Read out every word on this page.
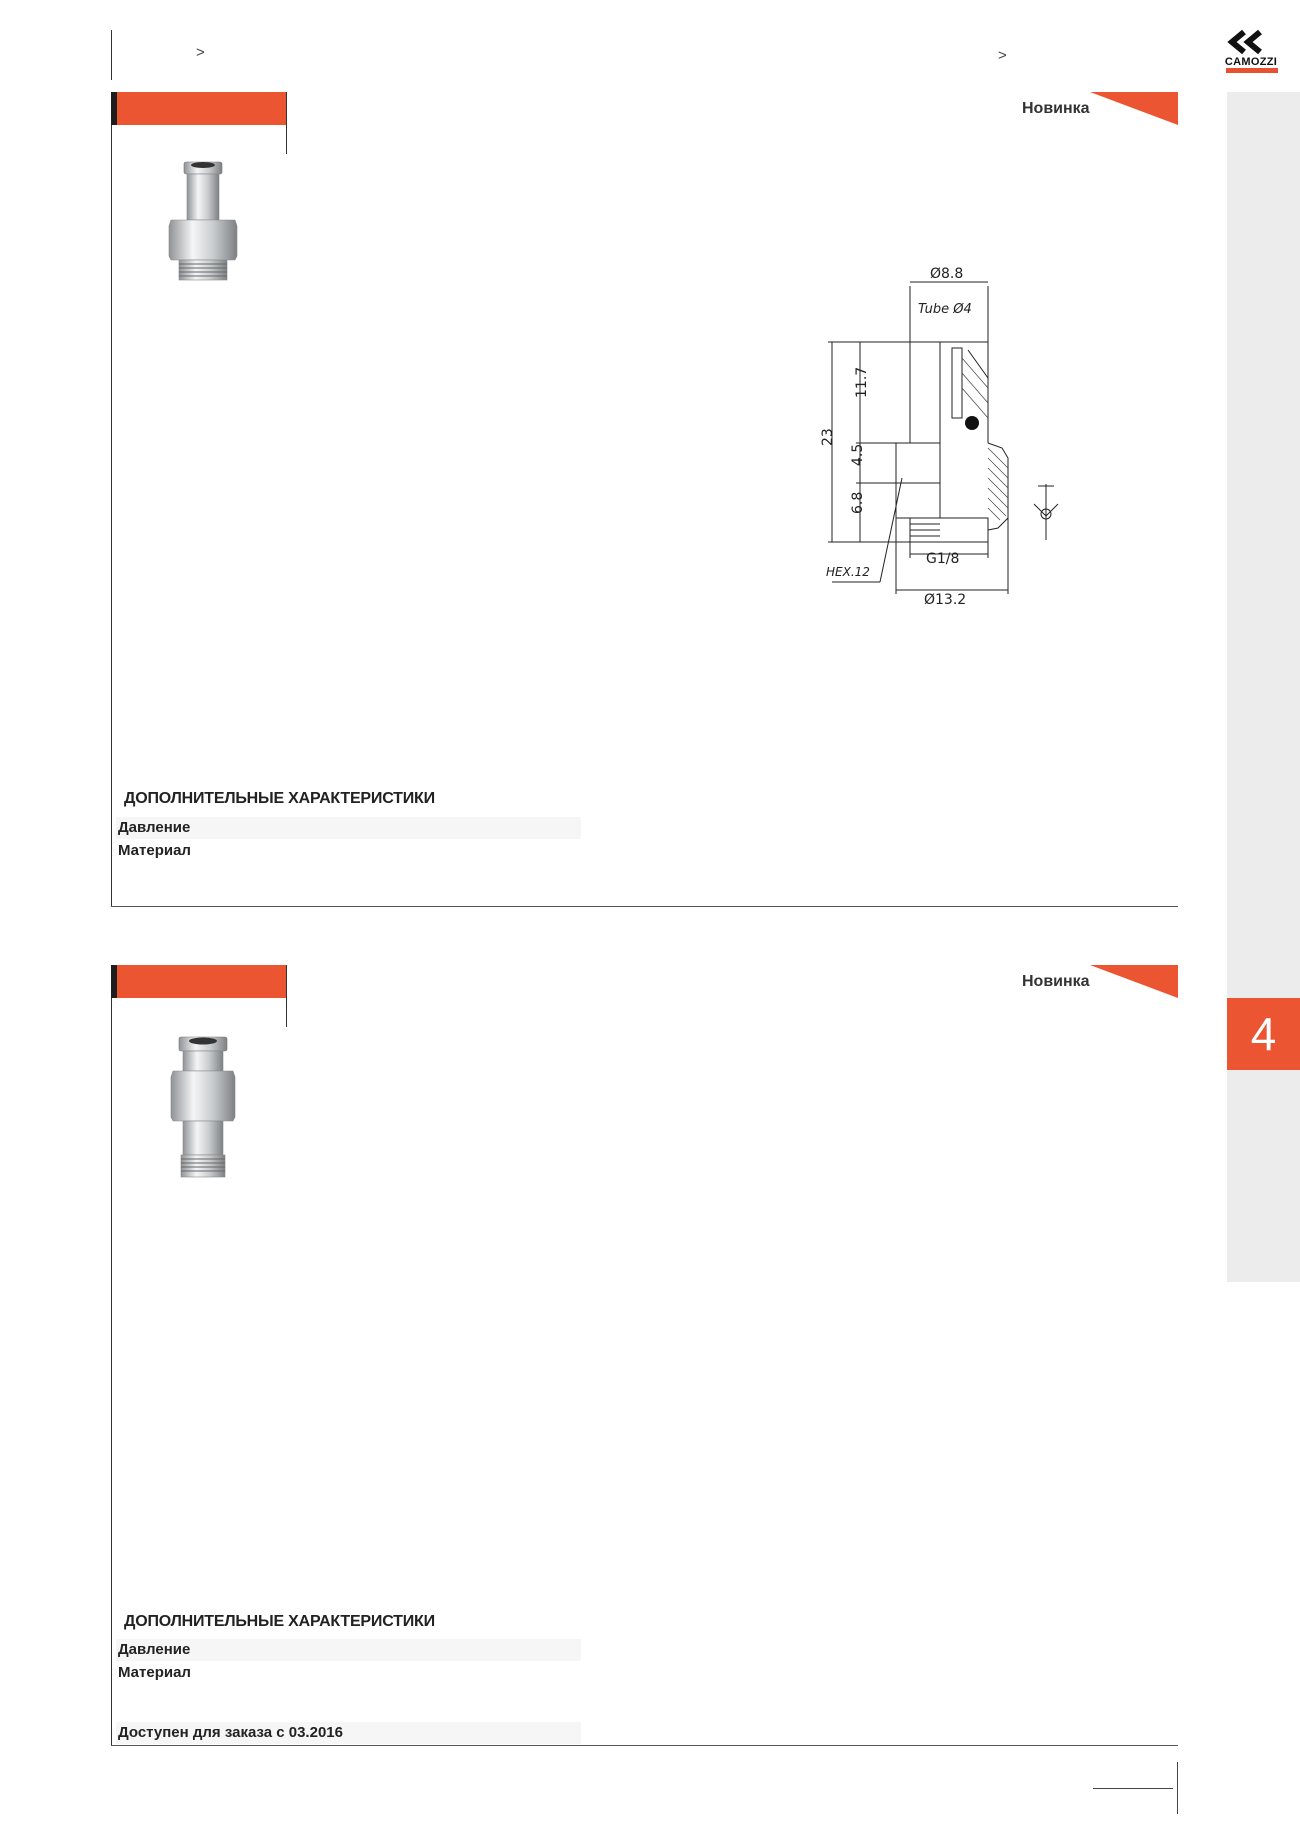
>	>	CAMOZZI
4
Новинка
ДОПОЛНИТЕЛЬНЫЕ ХАРАКТЕРИСТИКИ
Давление
Материал
Ø8.8
Tube Ø4
23
11.7
4.5
6.8
G1/8
HEX.12
Ø13.2
Новинка
ДОПОЛНИТЕЛЬНЫЕ ХАРАКТЕРИСТИКИ
Давление
Материал
Доступен для заказа с 03.2016
